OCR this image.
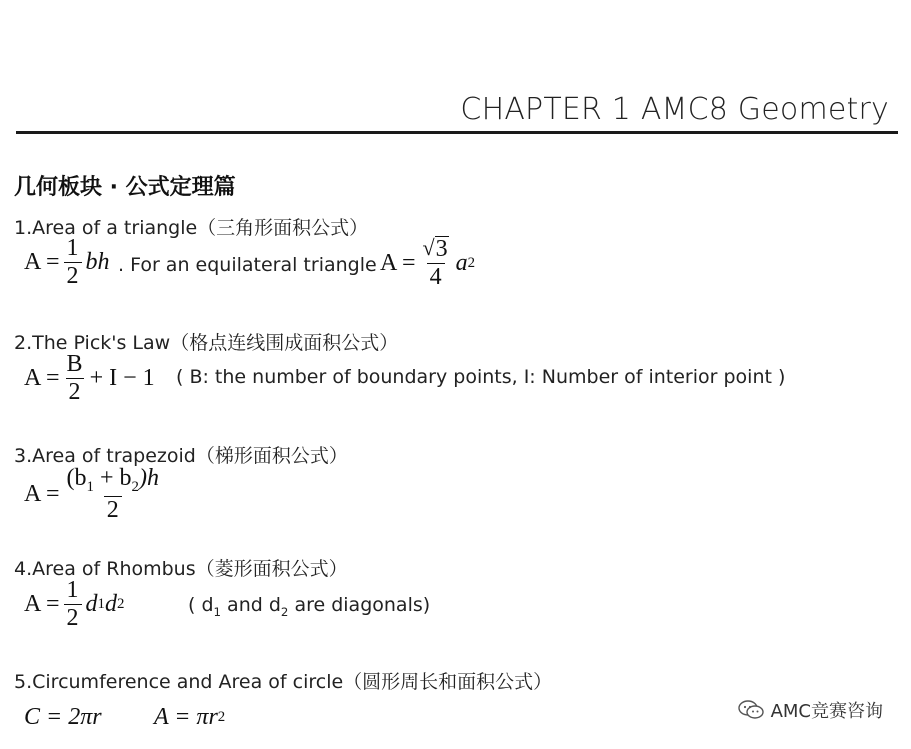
CHAPTER 1 AMC8 Geometry
几何板块 · 公式定理篇
1.Area of a triangle（三角形面积公式）
$A = \frac{1}{2}$ bh . For an equilateral triangle $A = \frac{√ 3}{4}$ a 2
2.The Pick's Law（格点连线围成面积公式）
$A = \frac{B}{2} + I - 1$ ( B: the number of boundary points, I: Number of interior point )
3.Area of trapezoid（梯形面积公式）
$A = \frac{(b_1 + b_2)h}{2}$
4.Area of Rhombus（菱形面积公式）
$A = \frac{1}{2}$ d 1 d 2	( $d_1$ and $d_2$ are diagonals)
5.Circumference and Area of circle（圆形周长和面积公式）
C = 2πr A = πr 2	AMC竞赛咨询
